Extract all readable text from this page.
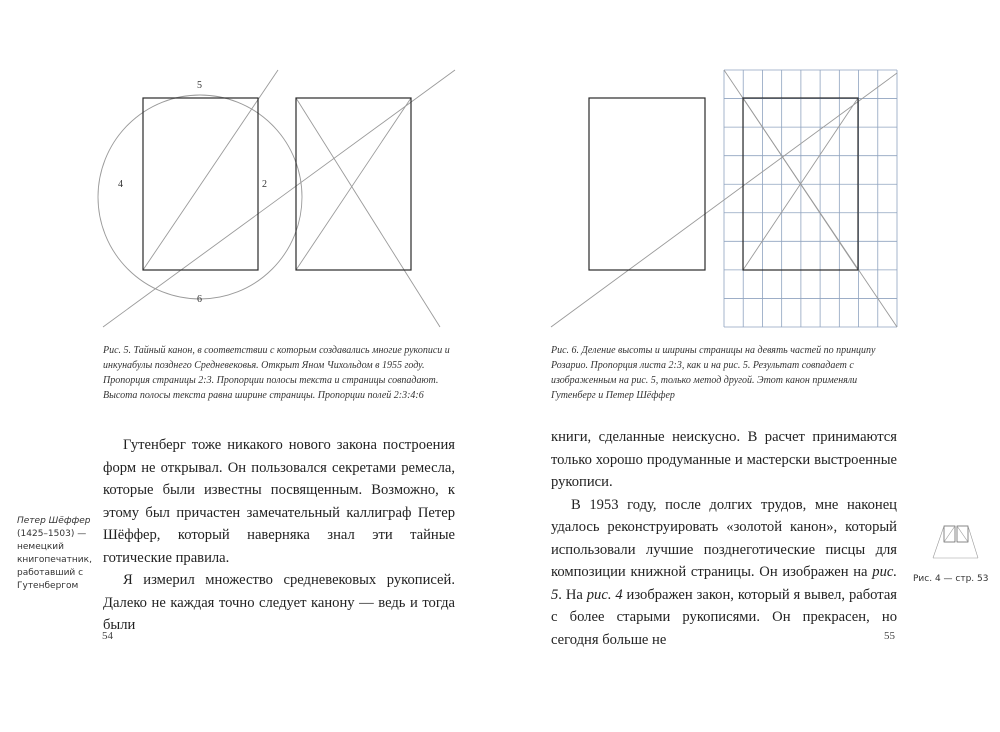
5
4	2
6
Рис. 5. Тайный канон, в соответствии с которым создавались многие рукописи и инкунабулы позднего Средневековья. Открыт Яном Чихольдом в 1955 году. Пропорция страницы 2:3. Пропорции полосы текста и страницы совпадают. Высота полосы текста равна ширине страницы. Пропорции полей 2:3:4:6
Рис. 6. Деление высоты и ширины страницы на девять частей по принципу Розарио. Пропорция листа 2:3, как и на рис. 5. Результат совпадает с изображенным на рис. 5, только метод другой. Этот канон применяли Гутенберг и Петер Шёффер

Гутенберг тоже никакого нового закона построения форм не открывал. Он пользовался секретами ремесла, которые были известны посвященным. Возможно, к этому был причастен замечательный каллиграф Петер Шёффер, который наверняка знал эти тайные готические правила.

Я измерил множество средневековых рукописей. Далеко не каждая точно следует канону — ведь и тогда были

Петер Шёффер
(1425–1503) — немецкий книгопечатник, работавший с Гутенбергом

книги, сделанные неискусно. В расчет принимаются только хорошо продуманные и мастерски выстроенные рукописи.

В 1953 году, после долгих трудов, мне наконец удалось реконструировать «золотой канон», который использовали лучшие позднеготические писцы для композиции книжной страницы. Он изображен на рис. 5. На рис. 4 изображен закон, который я вывел, работая с более старыми рукописями. Он прекрасен, но сегодня больше не

Рис. 4 — стр. 53
54	55
